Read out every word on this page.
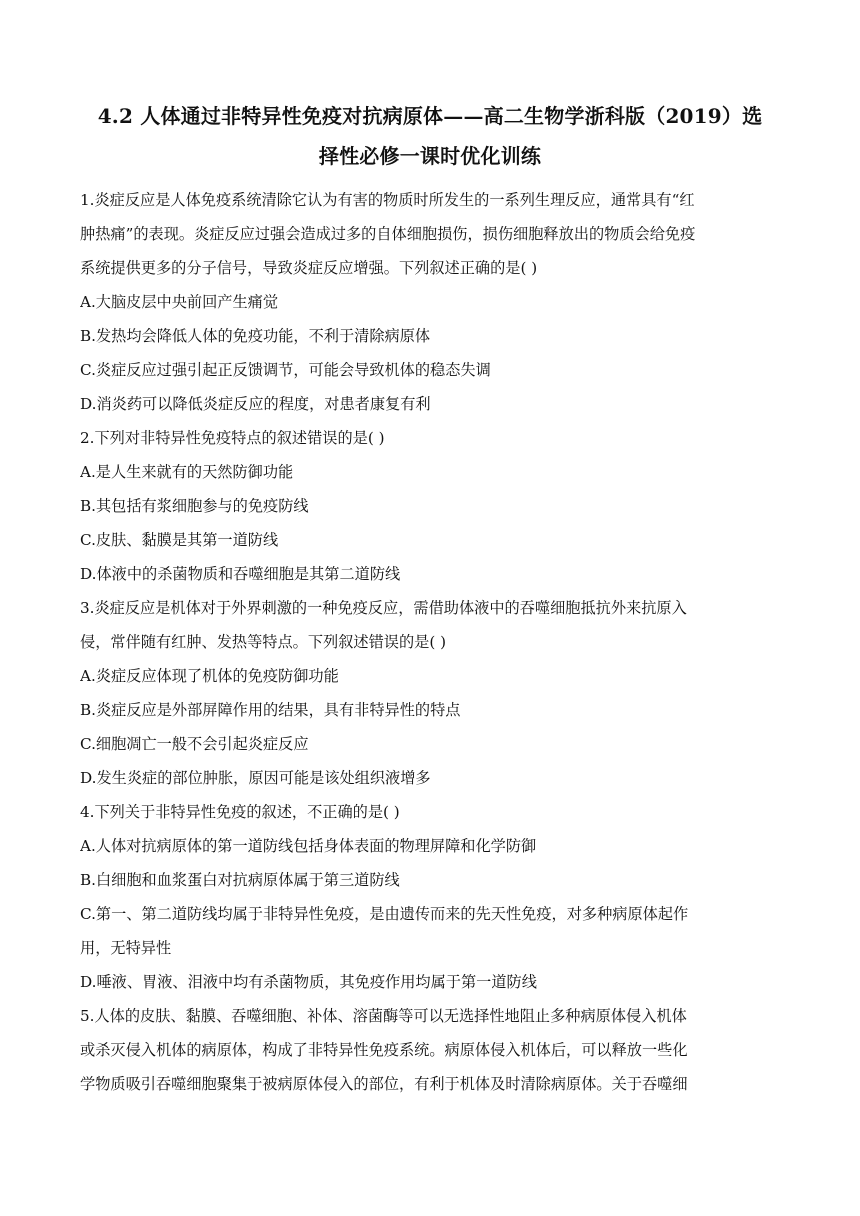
4.2 人体通过非特异性免疫对抗病原体——高二生物学浙科版（2019）选
择性必修一课时优化训练
1.炎症反应是人体免疫系统清除它认为有害的物质时所发生的一系列生理反应，通常具有“红
肿热痛”的表现。炎症反应过强会造成过多的自体细胞损伤，损伤细胞释放出的物质会给免疫
系统提供更多的分子信号，导致炎症反应增强。下列叙述正确的是( )
A.大脑皮层中央前回产生痛觉
B.发热均会降低人体的免疫功能，不利于清除病原体
C.炎症反应过强引起正反馈调节，可能会导致机体的稳态失调
D.消炎药可以降低炎症反应的程度，对患者康复有利
2.下列对非特异性免疫特点的叙述错误的是( )
A.是人生来就有的天然防御功能
B.其包括有浆细胞参与的免疫防线
C.皮肤、黏膜是其第一道防线
D.体液中的杀菌物质和吞噬细胞是其第二道防线
3.炎症反应是机体对于外界刺激的一种免疫反应，需借助体液中的吞噬细胞抵抗外来抗原入
侵，常伴随有红肿、发热等特点。下列叙述错误的是( )
A.炎症反应体现了机体的免疫防御功能
B.炎症反应是外部屏障作用的结果，具有非特异性的特点
C.细胞凋亡一般不会引起炎症反应
D.发生炎症的部位肿胀，原因可能是该处组织液增多
4.下列关于非特异性免疫的叙述，不正确的是( )
A.人体对抗病原体的第一道防线包括身体表面的物理屏障和化学防御
B.白细胞和血浆蛋白对抗病原体属于第三道防线
C.第一、第二道防线均属于非特异性免疫，是由遗传而来的先天性免疫，对多种病原体起作
用，无特异性
D.唾液、胃液、泪液中均有杀菌物质，其免疫作用均属于第一道防线
5.人体的皮肤、黏膜、吞噬细胞、补体、溶菌酶等可以无选择性地阻止多种病原体侵入机体
或杀灭侵入机体的病原体，构成了非特异性免疫系统。病原体侵入机体后，可以释放一些化
学物质吸引吞噬细胞聚集于被病原体侵入的部位，有利于机体及时清除病原体。关于吞噬细
